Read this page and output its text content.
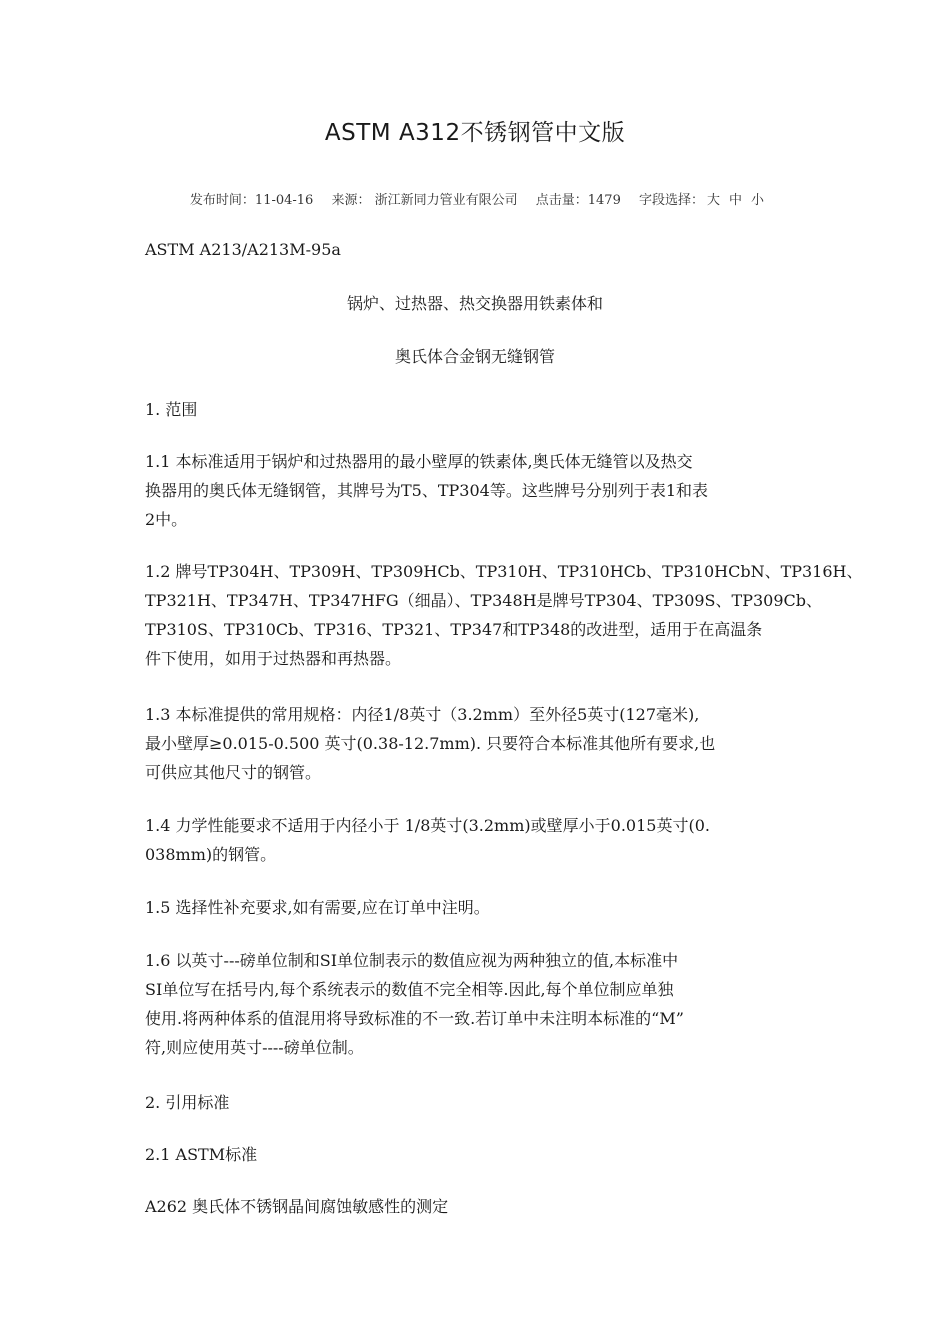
ASTM A312不锈钢管中文版
发布时间：11-04-16 来源： 浙江新同力管业有限公司 点击量：1479 字段选择： 大 中 小
ASTM A213/A213M-95a
锅炉、过热器、热交换器用铁素体和
奥氏体合金钢无缝钢管
1. 范围
1.1 本标准适用于锅炉和过热器用的最小壁厚的铁素体,奥氏体无缝管以及热交
换器用的奥氏体无缝钢管，其牌号为T5、TP304等。这些牌号分别列于表1和表
2中。
1.2 牌号TP304H、TP309H、TP309HCb、TP310H、TP310HCb、TP310HCbN、TP316H、
TP321H、TP347H、TP347HFG（细晶）、TP348H是牌号TP304、TP309S、TP309Cb、
TP310S、TP310Cb、TP316、TP321、TP347和TP348的改进型，适用于在高温条
件下使用，如用于过热器和再热器。
1.3 本标准提供的常用规格：内径1/8英寸（3.2mm）至外径5英寸(127毫米),
最小壁厚≥0.015-0.500 英寸(0.38-12.7mm). 只要符合本标准其他所有要求,也
可供应其他尺寸的钢管。
1.4 力学性能要求不适用于内径小于 1/8英寸(3.2mm)或壁厚小于0.015英寸(0.
038mm)的钢管。
1.5 选择性补充要求,如有需要,应在订单中注明。
1.6 以英寸---磅单位制和SI单位制表示的数值应视为两种独立的值,本标准中
SI单位写在括号内,每个系统表示的数值不完全相等.因此,每个单位制应单独
使用.将两种体系的值混用将导致标准的不一致.若订单中未注明本标准的“M”
符,则应使用英寸----磅单位制。
2. 引用标准
2.1 ASTM标准
A262 奥氏体不锈钢晶间腐蚀敏感性的测定
